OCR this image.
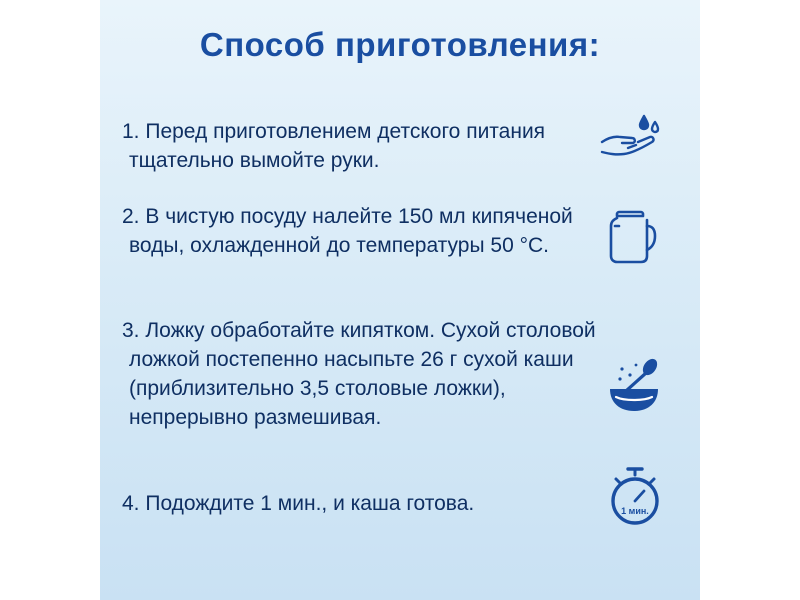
Способ приготовления:
1. Перед приготовлением детского питания тщательно вымойте руки.
2. В чистую посуду налейте 150 мл кипяченой воды, охлажденной до температуры 50 °С.
3. Ложку обработайте кипятком. Сухой столовой ложкой постепенно насыпьте 26 г сухой каши (приблизительно 3,5 столовые ложки), непрерывно размешивая.
4. Подождите 1 мин., и каша готова.	1 мин.
